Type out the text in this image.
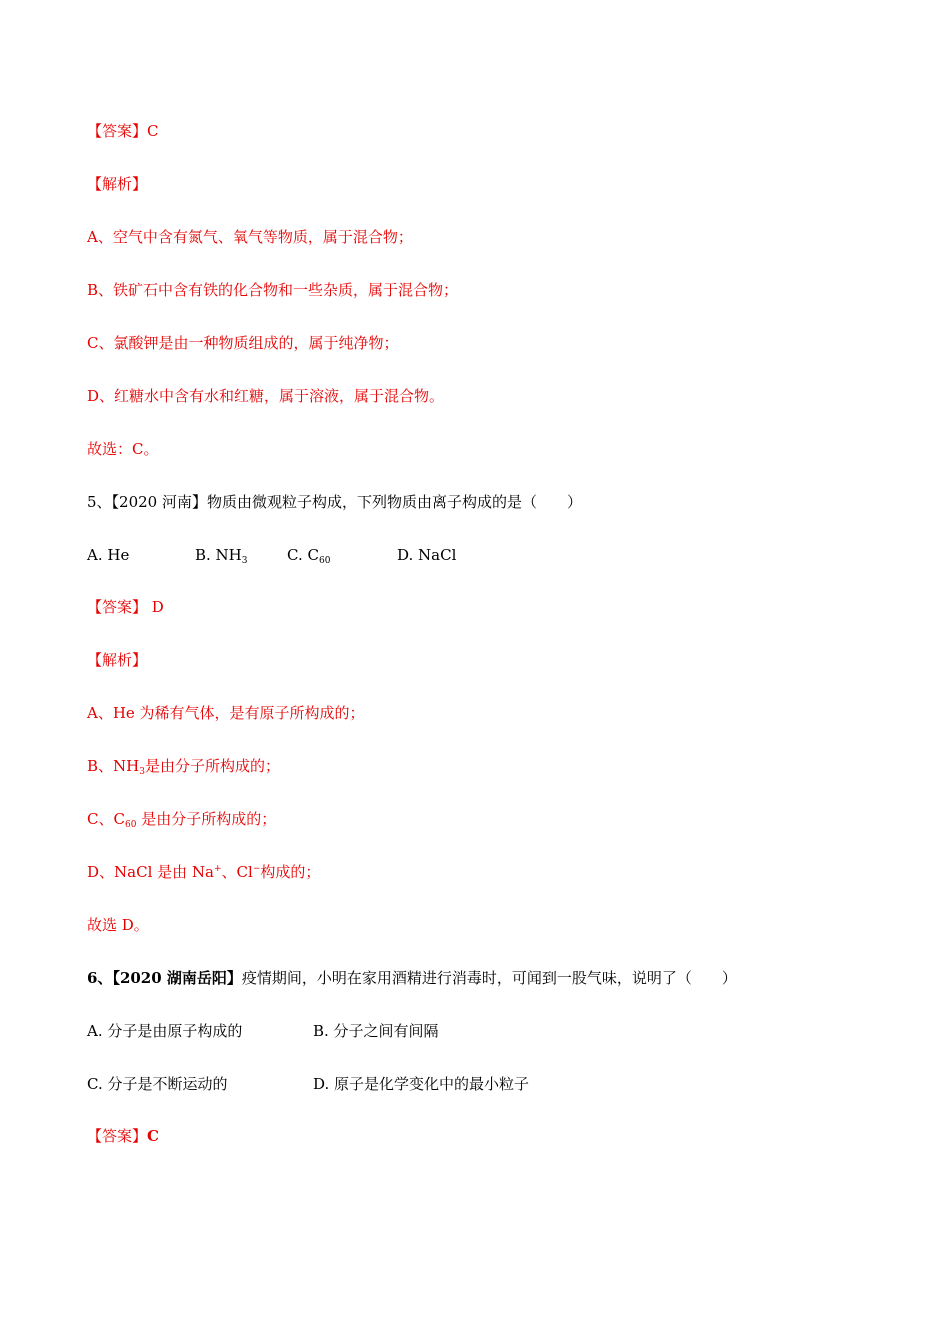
【答案】C
【解析】
A、空气中含有氮气、氧气等物质，属于混合物；
B、铁矿石中含有铁的化合物和一些杂质，属于混合物；
C、氯酸钾是由一种物质组成的，属于纯净物；
D、红糖水中含有水和红糖，属于溶液，属于混合物。
故选：C。
5、【2020 河南】物质由微观粒子构成，下列物质由离子构成的是（　　）
A. He	B. $NH_3$	C. $C_{60}$	D. NaCl
【答案】 D
【解析】
A、He 为稀有气体，是有原子所构成的；
B、$NH_3$是由分子所构成的；
C、$C_{60}$ 是由分子所构成的；
D、NaCl 是由 Na+、Cl−构成的；
故选 D。
6、【2020 湖南岳阳】疫情期间，小明在家用酒精进行消毒时，可闻到一股气味，说明了（　　）
A. 分子是由原子构成的	B. 分子之间有间隔
C. 分子是不断运动的	D. 原子是化学变化中的最小粒子
【答案】C
